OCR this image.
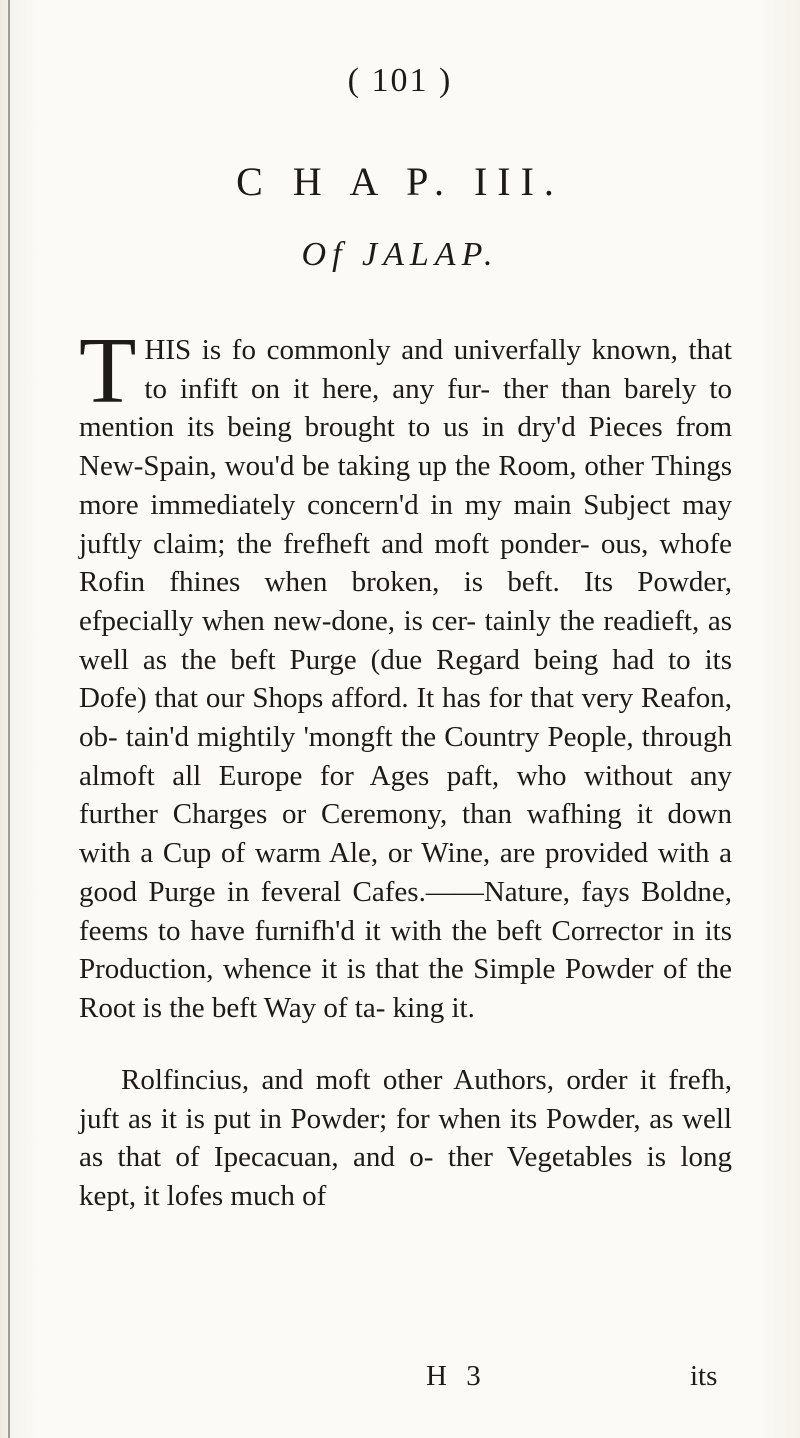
( 101 )
C H A P. III.
Of JALAP.

THIS is fo commonly and univerfally known, that to infift on it here, any fur- ther than barely to mention its being brought to us in dry'd Pieces from New-Spain, wou'd be taking up the Room, other Things more immediately concern'd in my main Subject may juftly claim; the frefheft and moft ponder- ous, whofe Rofin fhines when broken, is beft. Its Powder, efpecially when new-done, is cer- tainly the readieft, as well as the beft Purge (due Regard being had to its Dofe) that our Shops afford. It has for that very Reafon, ob- tain'd mightily 'mongft the Country People, through almoft all Europe for Ages paft, who without any further Charges or Ceremony, than wafhing it down with a Cup of warm Ale, or Wine, are provided with a good Purge in feveral Cafes.——Nature, fays Boldne, feems to have furnifh'd it with the beft Corrector in its Production, whence it is that the Simple Powder of the Root is the beft Way of ta- king it.

Rolfincius, and moft other Authors, order it frefh, juft as it is put in Powder; for when its Powder, as well as that of Ipecacuan, and o- ther Vegetables is long kept, it lofes much of

H 3	its
